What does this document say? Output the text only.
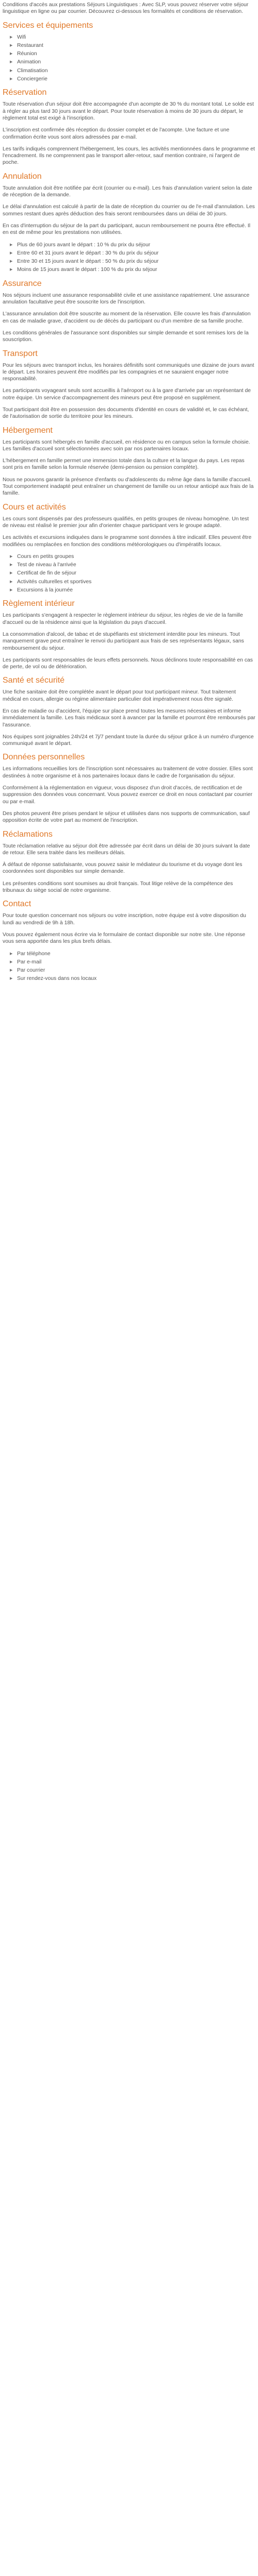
Conditions d'accès aux prestations Séjours Linguistiques : Avec SLP, vous pouvez réserver votre séjour linguistique en ligne ou par courrier. Découvrez ci-dessous les formalités et conditions de réservation.

Services et équipements
▶ Wifi
▶ Restaurant
▶ Réunion
▶ Animation
▶ Climatisation
▶ Conciergerie
Réservation

Toute réservation d'un séjour doit être accompagnée d'un acompte de 30 % du montant total. Le solde est à régler au plus tard 30 jours avant le départ. Pour toute réservation à moins de 30 jours du départ, le règlement total est exigé à l'inscription.

L'inscription est confirmée dès réception du dossier complet et de l'acompte. Une facture et une confirmation écrite vous sont alors adressées par e-mail.

Les tarifs indiqués comprennent l'hébergement, les cours, les activités mentionnées dans le programme et l'encadrement. Ils ne comprennent pas le transport aller-retour, sauf mention contraire, ni l'argent de poche.

Annulation

Toute annulation doit être notifiée par écrit (courrier ou e-mail). Les frais d'annulation varient selon la date de réception de la demande.

Le délai d'annulation est calculé à partir de la date de réception du courrier ou de l'e-mail d'annulation. Les sommes restant dues après déduction des frais seront remboursées dans un délai de 30 jours.

En cas d'interruption du séjour de la part du participant, aucun remboursement ne pourra être effectué. Il en est de même pour les prestations non utilisées.

▶ Plus de 60 jours avant le départ : 10 % du prix du séjour
▶ Entre 60 et 31 jours avant le départ : 30 % du prix du séjour
▶ Entre 30 et 15 jours avant le départ : 50 % du prix du séjour
▶ Moins de 15 jours avant le départ : 100 % du prix du séjour
Assurance

Nos séjours incluent une assurance responsabilité civile et une assistance rapatriement. Une assurance annulation facultative peut être souscrite lors de l'inscription.

L'assurance annulation doit être souscrite au moment de la réservation. Elle couvre les frais d'annulation en cas de maladie grave, d'accident ou de décès du participant ou d'un membre de sa famille proche.

Les conditions générales de l'assurance sont disponibles sur simple demande et sont remises lors de la souscription.

Transport

Pour les séjours avec transport inclus, les horaires définitifs sont communiqués une dizaine de jours avant le départ. Les horaires peuvent être modifiés par les compagnies et ne sauraient engager notre responsabilité.

Les participants voyageant seuls sont accueillis à l'aéroport ou à la gare d'arrivée par un représentant de notre équipe. Un service d'accompagnement des mineurs peut être proposé en supplément.

Tout participant doit être en possession des documents d'identité en cours de validité et, le cas échéant, de l'autorisation de sortie du territoire pour les mineurs.

Hébergement

Les participants sont hébergés en famille d'accueil, en résidence ou en campus selon la formule choisie. Les familles d'accueil sont sélectionnées avec soin par nos partenaires locaux.

L'hébergement en famille permet une immersion totale dans la culture et la langue du pays. Les repas sont pris en famille selon la formule réservée (demi-pension ou pension complète).

Nous ne pouvons garantir la présence d'enfants ou d'adolescents du même âge dans la famille d'accueil. Tout comportement inadapté peut entraîner un changement de famille ou un retour anticipé aux frais de la famille.

Cours et activités

Les cours sont dispensés par des professeurs qualifiés, en petits groupes de niveau homogène. Un test de niveau est réalisé le premier jour afin d'orienter chaque participant vers le groupe adapté.

Les activités et excursions indiquées dans le programme sont données à titre indicatif. Elles peuvent être modifiées ou remplacées en fonction des conditions météorologiques ou d'impératifs locaux.

▶ Cours en petits groupes
▶ Test de niveau à l'arrivée
▶ Certificat de fin de séjour
▶ Activités culturelles et sportives
▶ Excursions à la journée
Règlement intérieur

Les participants s'engagent à respecter le règlement intérieur du séjour, les règles de vie de la famille d'accueil ou de la résidence ainsi que la législation du pays d'accueil.

La consommation d'alcool, de tabac et de stupéfiants est strictement interdite pour les mineurs. Tout manquement grave peut entraîner le renvoi du participant aux frais de ses représentants légaux, sans remboursement du séjour.

Les participants sont responsables de leurs effets personnels. Nous déclinons toute responsabilité en cas de perte, de vol ou de détérioration.

Santé et sécurité

Une fiche sanitaire doit être complétée avant le départ pour tout participant mineur. Tout traitement médical en cours, allergie ou régime alimentaire particulier doit impérativement nous être signalé.

En cas de maladie ou d'accident, l'équipe sur place prend toutes les mesures nécessaires et informe immédiatement la famille. Les frais médicaux sont à avancer par la famille et pourront être remboursés par l'assurance.

Nos équipes sont joignables 24h/24 et 7j/7 pendant toute la durée du séjour grâce à un numéro d'urgence communiqué avant le départ.

Données personnelles

Les informations recueillies lors de l'inscription sont nécessaires au traitement de votre dossier. Elles sont destinées à notre organisme et à nos partenaires locaux dans le cadre de l'organisation du séjour.

Conformément à la réglementation en vigueur, vous disposez d'un droit d'accès, de rectification et de suppression des données vous concernant. Vous pouvez exercer ce droit en nous contactant par courrier ou par e-mail.

Des photos peuvent être prises pendant le séjour et utilisées dans nos supports de communication, sauf opposition écrite de votre part au moment de l'inscription.

Réclamations

Toute réclamation relative au séjour doit être adressée par écrit dans un délai de 30 jours suivant la date de retour. Elle sera traitée dans les meilleurs délais.

À défaut de réponse satisfaisante, vous pouvez saisir le médiateur du tourisme et du voyage dont les coordonnées sont disponibles sur simple demande.

Les présentes conditions sont soumises au droit français. Tout litige relève de la compétence des tribunaux du siège social de notre organisme.

Contact

Pour toute question concernant nos séjours ou votre inscription, notre équipe est à votre disposition du lundi au vendredi de 9h à 18h.

Vous pouvez également nous écrire via le formulaire de contact disponible sur notre site. Une réponse vous sera apportée dans les plus brefs délais.

▶ Par téléphone
▶ Par e-mail
▶ Par courrier
▶ Sur rendez-vous dans nos locaux
